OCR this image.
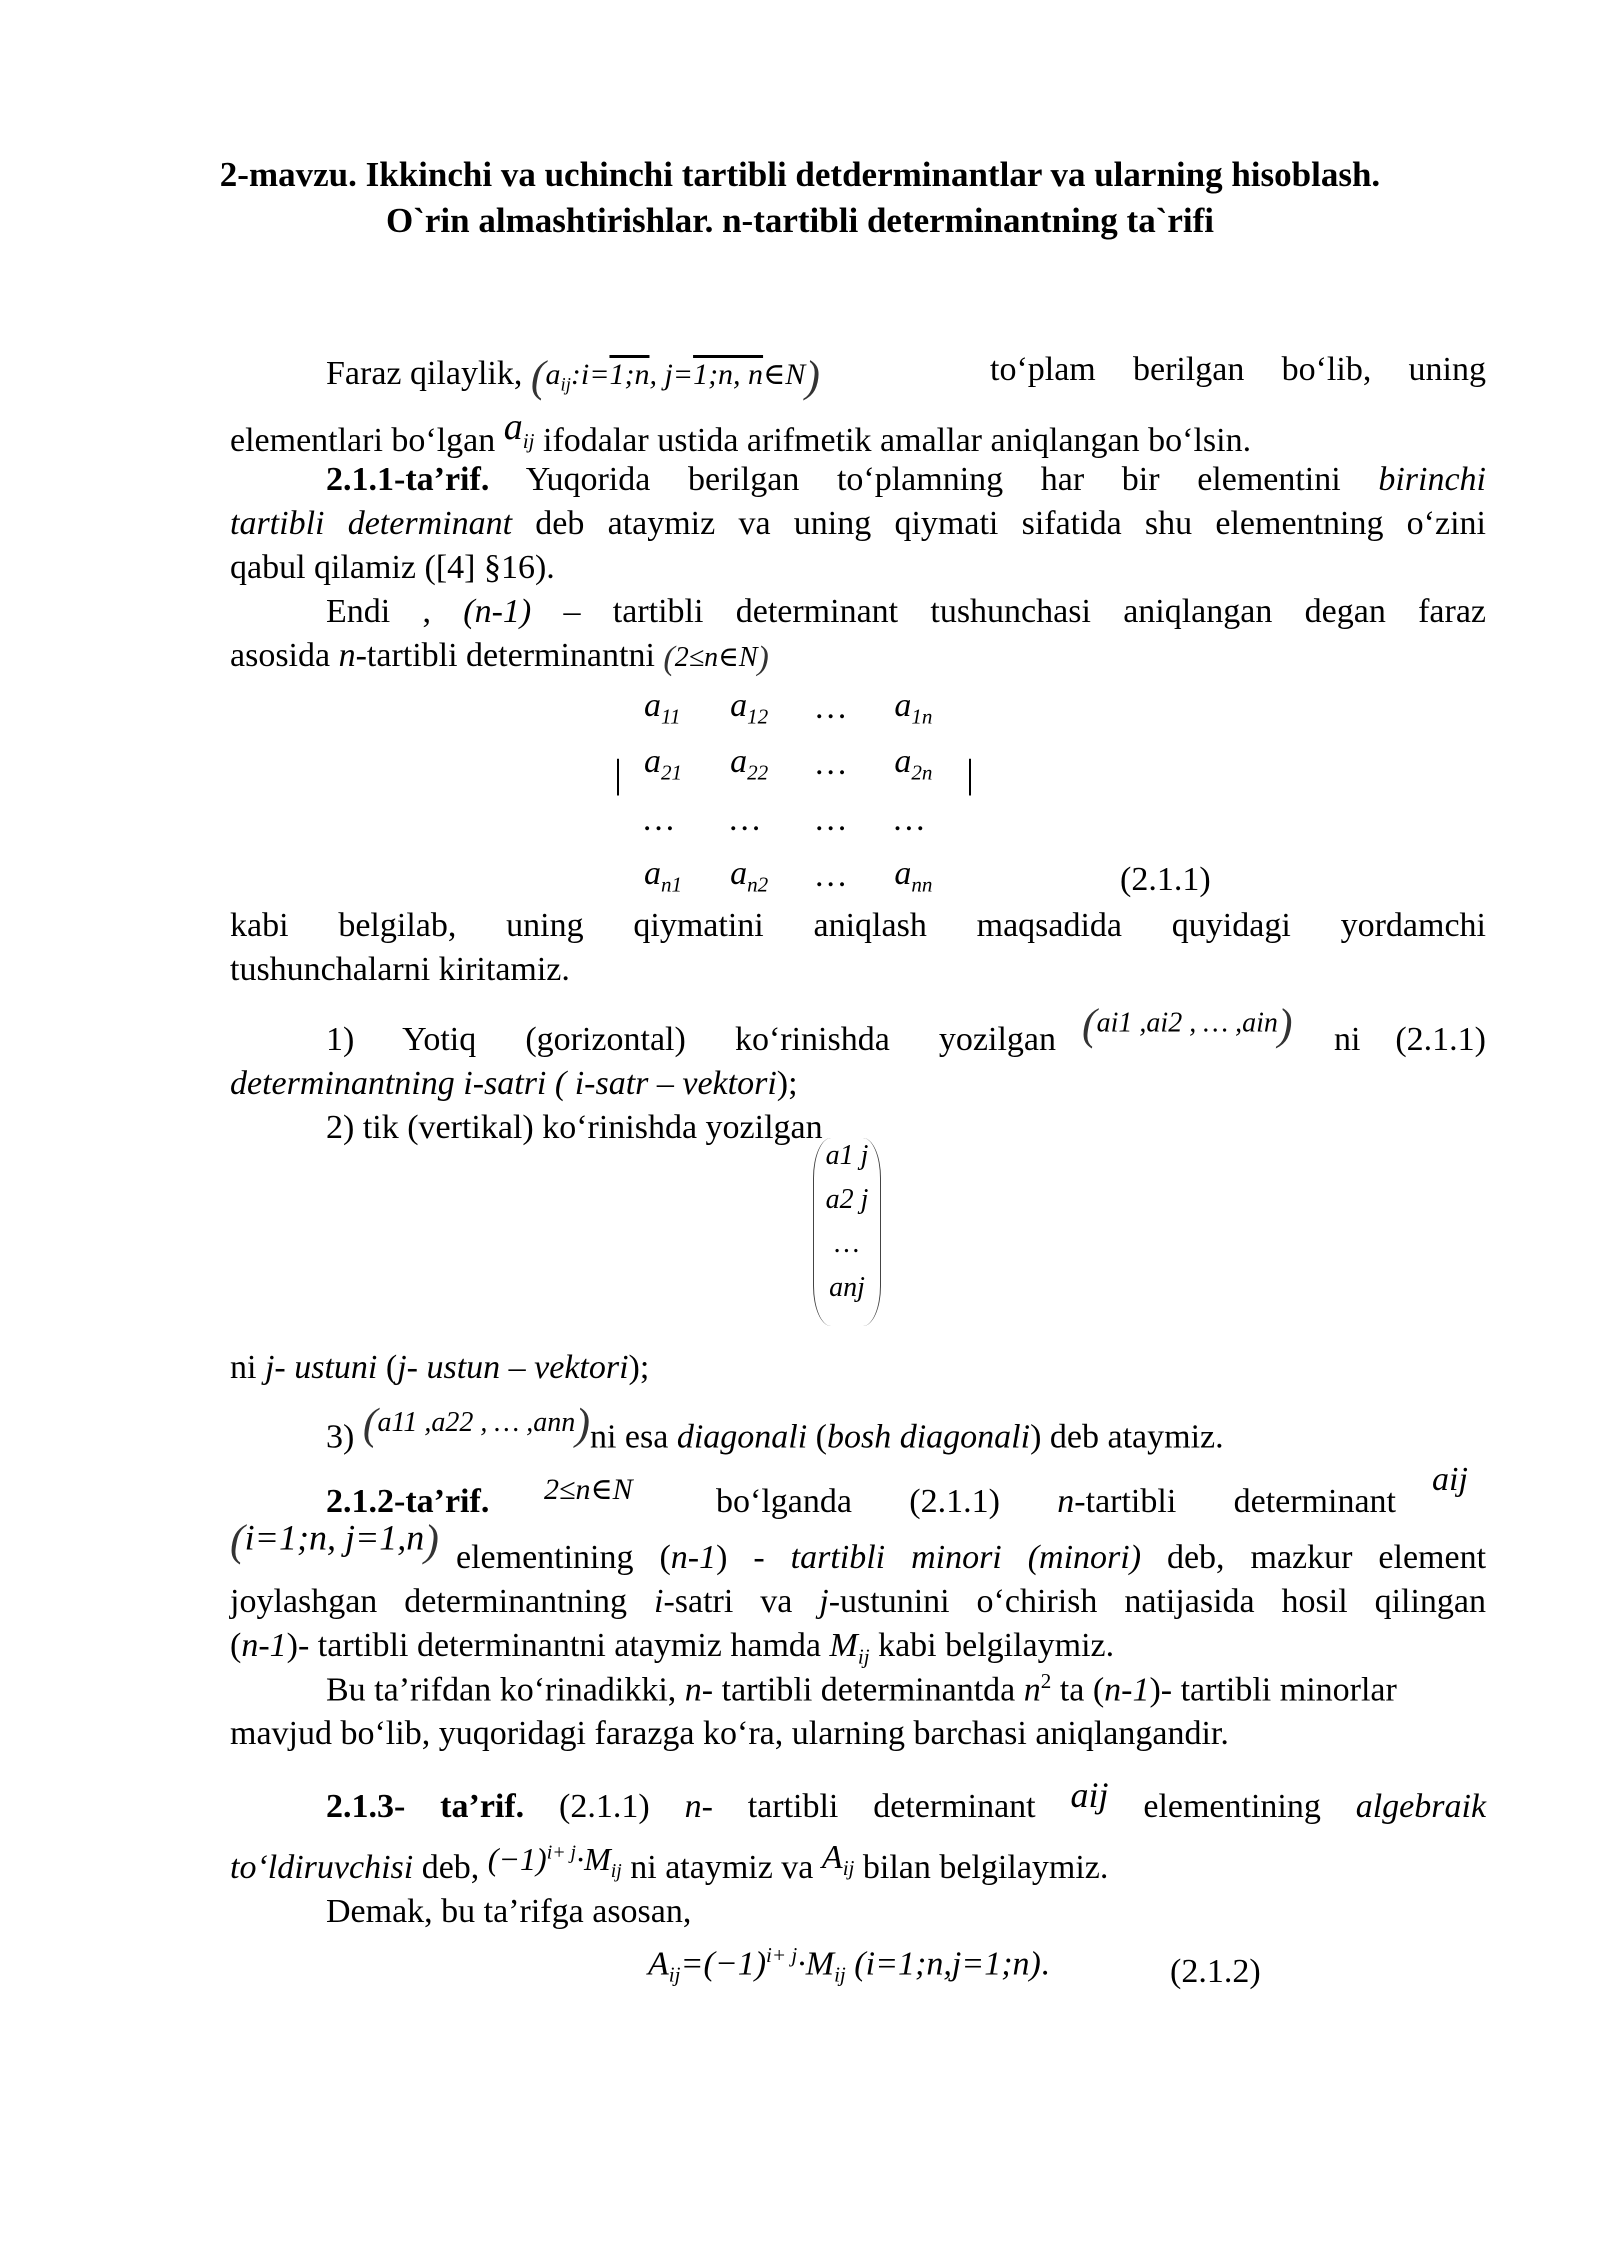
2-mavzu. Ikkinchi va uchinchi tartibli detderminantlar va ularning hisoblash.
O`rin almashtirishlar. n-tartibli determinantning ta`rifi
Faraz qilaylik, ($a_{ij}:i=1;n$, j=1;n, n∈N)	to‘plam berilgan bo‘lib, uning
elementlari bo‘lgan $a_{ij}$ ifodalar ustida arifmetik amallar aniqlangan bo‘lsin.
2.1.1-ta’rif. Yuqorida berilgan to‘plamning har bir elementini birinchi
tartibli determinant deb ataymiz va uning qiymati sifatida shu elementning o‘zini
qabul qilamiz ([4] §16).
Endi , (n-1) – tartibli determinant tushunchasi aniqlangan degan faraz
asosida n-tartibli determinantni (2≤n∈N)
$a_{11}$	$a_{12}$	…	$a_{1n}$
$a_{21}$	$a_{22}$	…	$a_{2n}$
…	…	…	…
$a_{n1}$	$a_{n2}$	…	$a_{nn}$
|	|
(2.1.1)
kabi belgilab, uning qiymatini aniqlash maqsadida quyidagi yordamchi
tushunchalarni kiritamiz.
1) Yotiq (gorizontal) ko‘rinishda yozilgan (ai1 ,ai2 , … ,ain) ni (2.1.1)
determinantning i-satri ( i-satr – vektori);
2) tik (vertikal) ko‘rinishda yozilgan
a1 j
a2 j
…
anj
ni j- ustuni (j- ustun – vektori);
3) $^{(a11 ,a22 , \dots ,ann)}$ni esa diagonali (bosh diagonali) deb ataymiz.
2.1.2-ta’rif. 2≤n∈N bo‘lganda (2.1.1) n-tartibli determinant
aij
(i=1;n, j=1,n) elementining (n-1) - tartibli minori (minori) deb, mazkur element
joylashgan determinantning i-satri va j-ustunini o‘chirish natijasida hosil qilingan
(n-1)- tartibli determinantni ataymiz hamda $M_{ij}$ kabi belgilaymiz.
Bu ta’rifdan ko‘rinadikki, n- tartibli determinantda $n^2$ ta (n-1)- tartibli minorlar
mavjud bo‘lib, yuqoridagi farazga ko‘ra, ularning barchasi aniqlangandir.
2.1.3- ta’rif. (2.1.1) n- tartibli determinant aij elementining algebraik
to‘ldiruvchisi deb, $(-1)^{i+ j}\cdot M_{ij}$ ni ataymiz va $A_{ij}$ bilan belgilaymiz.
Demak, bu ta’rifga asosan,
$A_{ij}=(-1)^{i+ j}\cdot M_{ij}$ (i=1;n,j=1;n).	(2.1.2)
